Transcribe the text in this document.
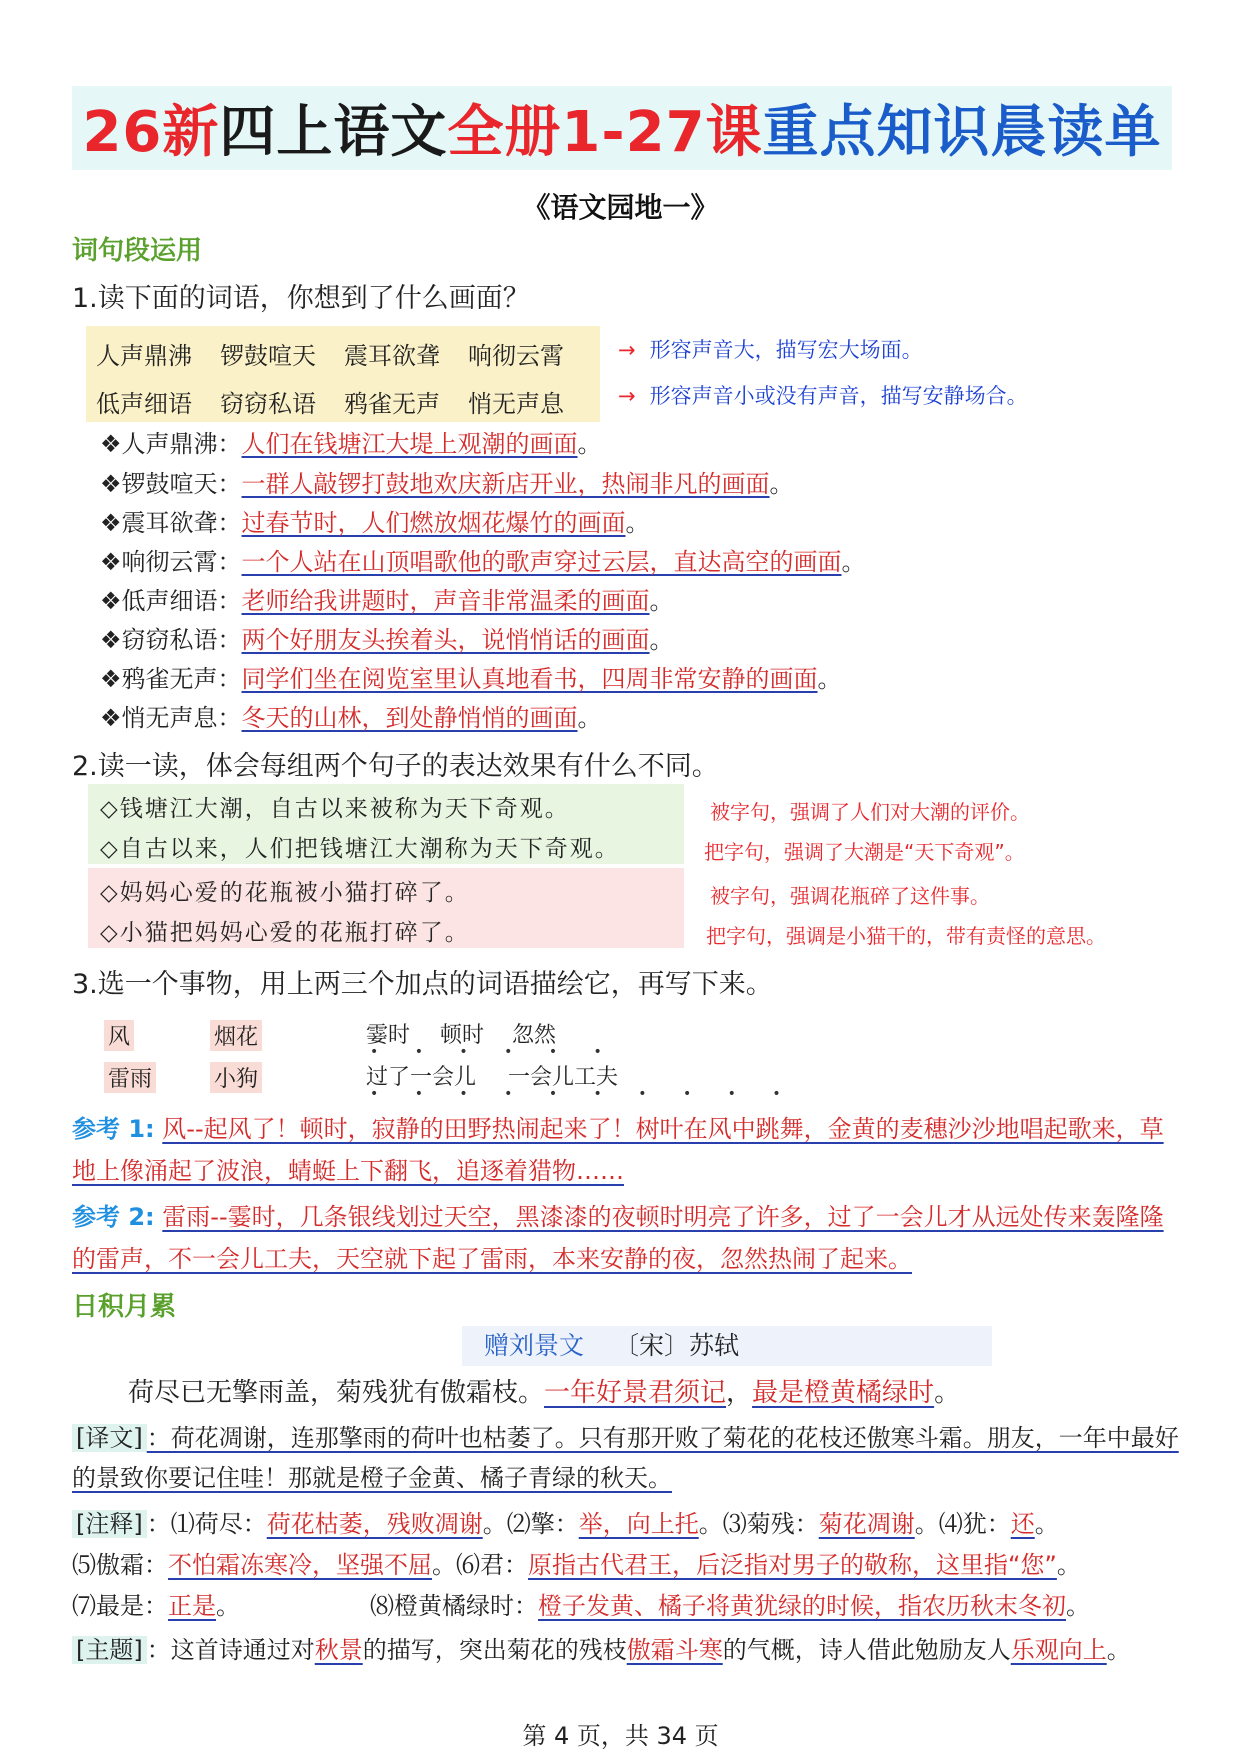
26新 四上语文 全册1-27课 重点知识晨读单
《语文园地一》
词句段运用
1.读下面的词语，你想到了什么画面？
人声鼎沸 锣鼓喧天 震耳欲聋 响彻云霄
低声细语 窃窃私语 鸦雀无声 悄无声息
→ 形容声音大，描写宏大场面。
→ 形容声音小或没有声音，描写安静场合。
❖人声鼎沸：人们在钱塘江大堤上观潮的画面。
❖锣鼓喧天：一群人敲锣打鼓地欢庆新店开业，热闹非凡的画面。
❖震耳欲聋：过春节时，人们燃放烟花爆竹的画面。
❖响彻云霄：一个人站在山顶唱歌他的歌声穿过云层，直达高空的画面。
❖低声细语：老师给我讲题时，声音非常温柔的画面。
❖窃窃私语：两个好朋友头挨着头，说悄悄话的画面。
❖鸦雀无声：同学们坐在阅览室里认真地看书，四周非常安静的画面。
❖悄无声息：冬天的山林，到处静悄悄的画面。
2.读一读，体会每组两个句子的表达效果有什么不同。
◇钱塘江大潮，自古以来被称为天下奇观。
◇自古以来，人们把钱塘江大潮称为天下奇观。
◇妈妈心爱的花瓶被小猫打碎了。
◇小猫把妈妈心爱的花瓶打碎了。
被字句，强调了人们对大潮的评价。
把字句，强调了大潮是“天下奇观”。
被字句，强调花瓶碎了这件事。
把字句，强调是小猫干的，带有责怪的意思。
3.选一个事物，用上两三个加点的词语描绘它，再写下来。
风	烟花
雷雨	小狗
霎时 顿时 忽然
过了一会儿 一会儿工夫
• • • • • •
• • • • • • • • • •
参考 1: 风--起风了！顿时，寂静的田野热闹起来了！树叶在风中跳舞，金黄的麦穗沙沙地唱起歌来，草地上像涌起了波浪，蜻蜓上下翻飞，追逐着猎物……
参考 2: 雷雨--霎时，几条银线划过天空，黑漆漆的夜顿时明亮了许多，过了一会儿才从远处传来轰隆隆的雷声，不一会儿工夫，天空就下起了雷雨，本来安静的夜，忽然热闹了起来。
日积月累
赠刘景文 〔宋〕苏轼
荷尽已无擎雨盖，菊残犹有傲霜枝。一年好景君须记，最是橙黄橘绿时。
[译文] ：荷花凋谢，连那擎雨的荷叶也枯萎了。只有那开败了菊花的花枝还傲寒斗霜。朋友，一年中最好的景致你要记住哇！那就是橙子金黄、橘子青绿的秋天。
[注释] ：⑴荷尽：荷花枯萎，残败凋谢。⑵擎：举，向上托。⑶菊残：菊花凋谢。⑷犹：还。
⑸傲霜：不怕霜冻寒冷，坚强不屈。⑹君：原指古代君王，后泛指对男子的敬称，这里指“您”。
⑺最是：正是。	⑻橙黄橘绿时：橙子发黄、橘子将黄犹绿的时候，指农历秋末冬初。
[主题] ：这首诗通过对秋景的描写，突出菊花的残枝傲霜斗寒的气概，诗人借此勉励友人乐观向上。
第 4 页，共 34 页
